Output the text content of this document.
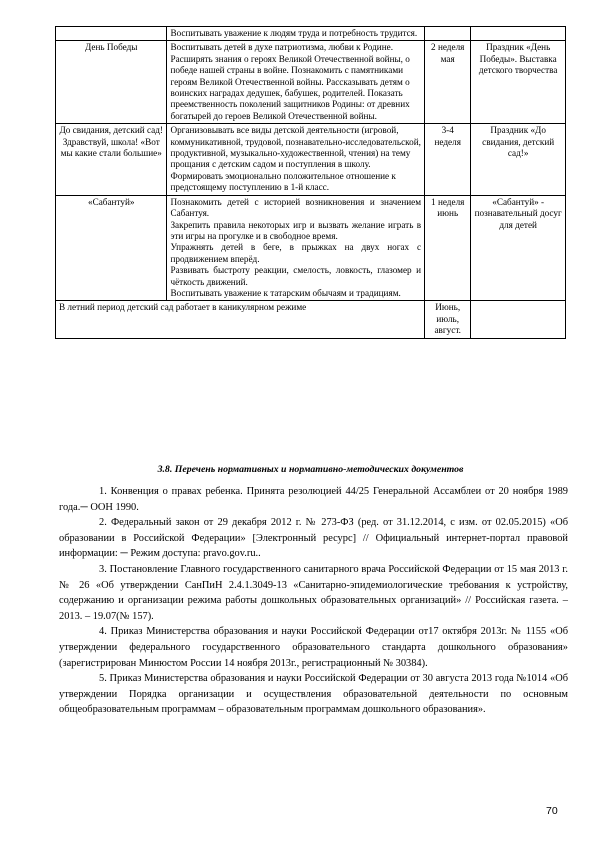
	Воспитывать уважение к людям труда и потребность трудится.		
День Победы	Воспитывать детей в духе патриотизма, любви к Родине. Расширять знания о героях Великой Отечественной войны, о победе нашей страны в войне. Познакомить с памятниками героям Великой Отечественной войны. Рассказывать детям о воинских наградах дедушек, бабушек, родителей. Показать преемственность поколений защитников Родины: от древних богатырей до героев Великой Отечественной войны.	2 неделя мая	Праздник «День Победы». Выставка детского творчества
До свидания, детский сад! Здравствуй, школа! «Вот мы какие стали большие»	Организовывать все виды детской деятельности (игровой, коммуникативной, трудовой, познавательно-исследовательской, продуктивной, музыкально-художественной, чтения) на тему прощания с детским садом и поступления в школу. Формировать эмоционально положительное отношение к предстоящему поступлению в 1-й класс.	3-4 неделя	Праздник «До свидания, детский сад!»
«Сабантуй»	Познакомить детей с историей возникновения и значением Сабантуя.

Закрепить правила некоторых игр и вызвать желание играть в эти игры на прогулке и в свободное время.

Упражнять детей в беге, в прыжках на двух ногах с продвижением вперёд.

Развивать быстроту реакции, смелость, ловкость, глазомер и чёткость движений.

Воспитывать уважение к татарским обычаям и традициям.	1 неделя июнь	«Сабантуй» - познавательный досуг для детей
В летний период детский сад работает в каникулярном режиме		Июнь, июль, август.	

3.8. Перечень нормативных и нормативно-методических документов

1. Конвенция о правах ребенка. Принята резолюцией 44/25 Генеральной Ассамблеи от 20 ноября 1989 года.─ ООН 1990.

2. Федеральный закон от 29 декабря 2012 г. № 273-ФЗ (ред. от 31.12.2014, с изм. от 02.05.2015) «Об образовании в Российской Федерации» [Электронный ресурс] // Официальный интернет-портал правовой информации: ─ Режим доступа: pravo.gov.ru..

3. Постановление Главного государственного санитарного врача Российской Федерации от 15 мая 2013 г. № 26 «Об утверждении СанПиН 2.4.1.3049-13 «Санитарно-эпидемиологические требования к устройству, содержанию и организации режима работы дошкольных образовательных организаций» // Российская газета. – 2013. – 19.07(№ 157).

4. Приказ Министерства образования и науки Российской Федерации от17 октября 2013г. № 1155 «Об утверждении федерального государственного образовательного стандарта дошкольного образования» (зарегистрирован Минюстом России 14 ноября 2013г., регистрационный № 30384).

5. Приказ Министерства образования и науки Российской Федерации от 30 августа 2013 года №1014 «Об утверждении Порядка организации и осуществления образовательной деятельности по основным общеобразовательным программам – образовательным программам дошкольного образования».

70
